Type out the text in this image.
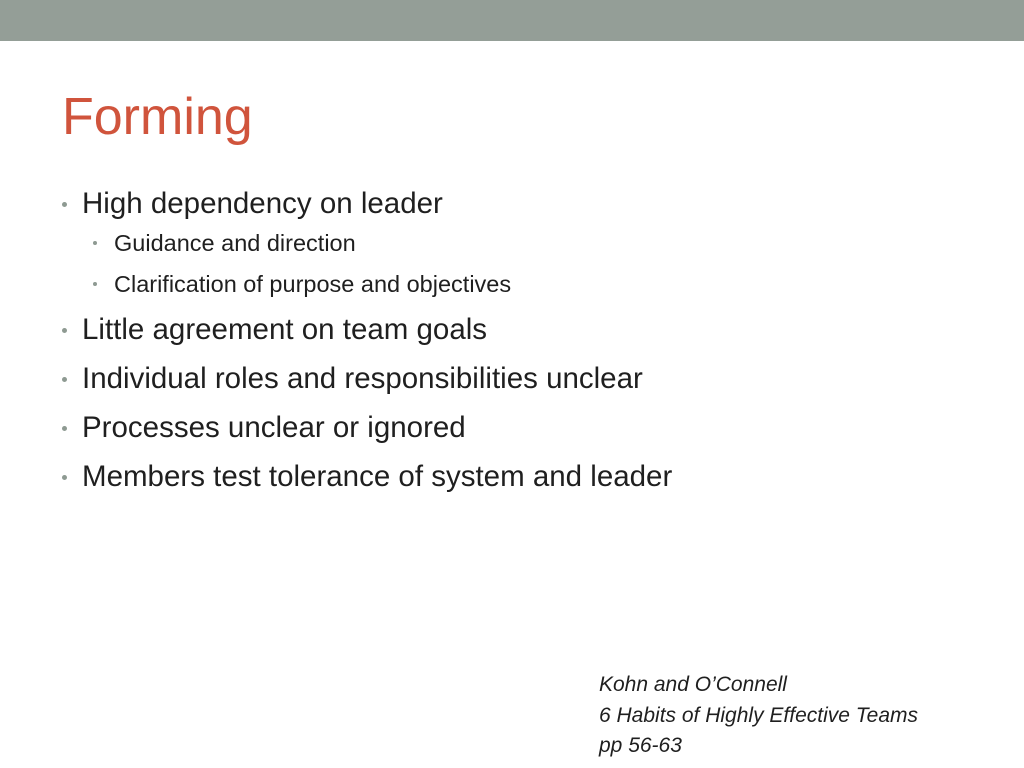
Forming
High dependency on leader
Guidance and direction
Clarification of purpose and objectives
Little agreement on team goals
Individual roles and responsibilities unclear
Processes unclear or ignored
Members test tolerance of system and leader
Kohn and O’Connell
6 Habits of Highly Effective Teams
pp 56-63
